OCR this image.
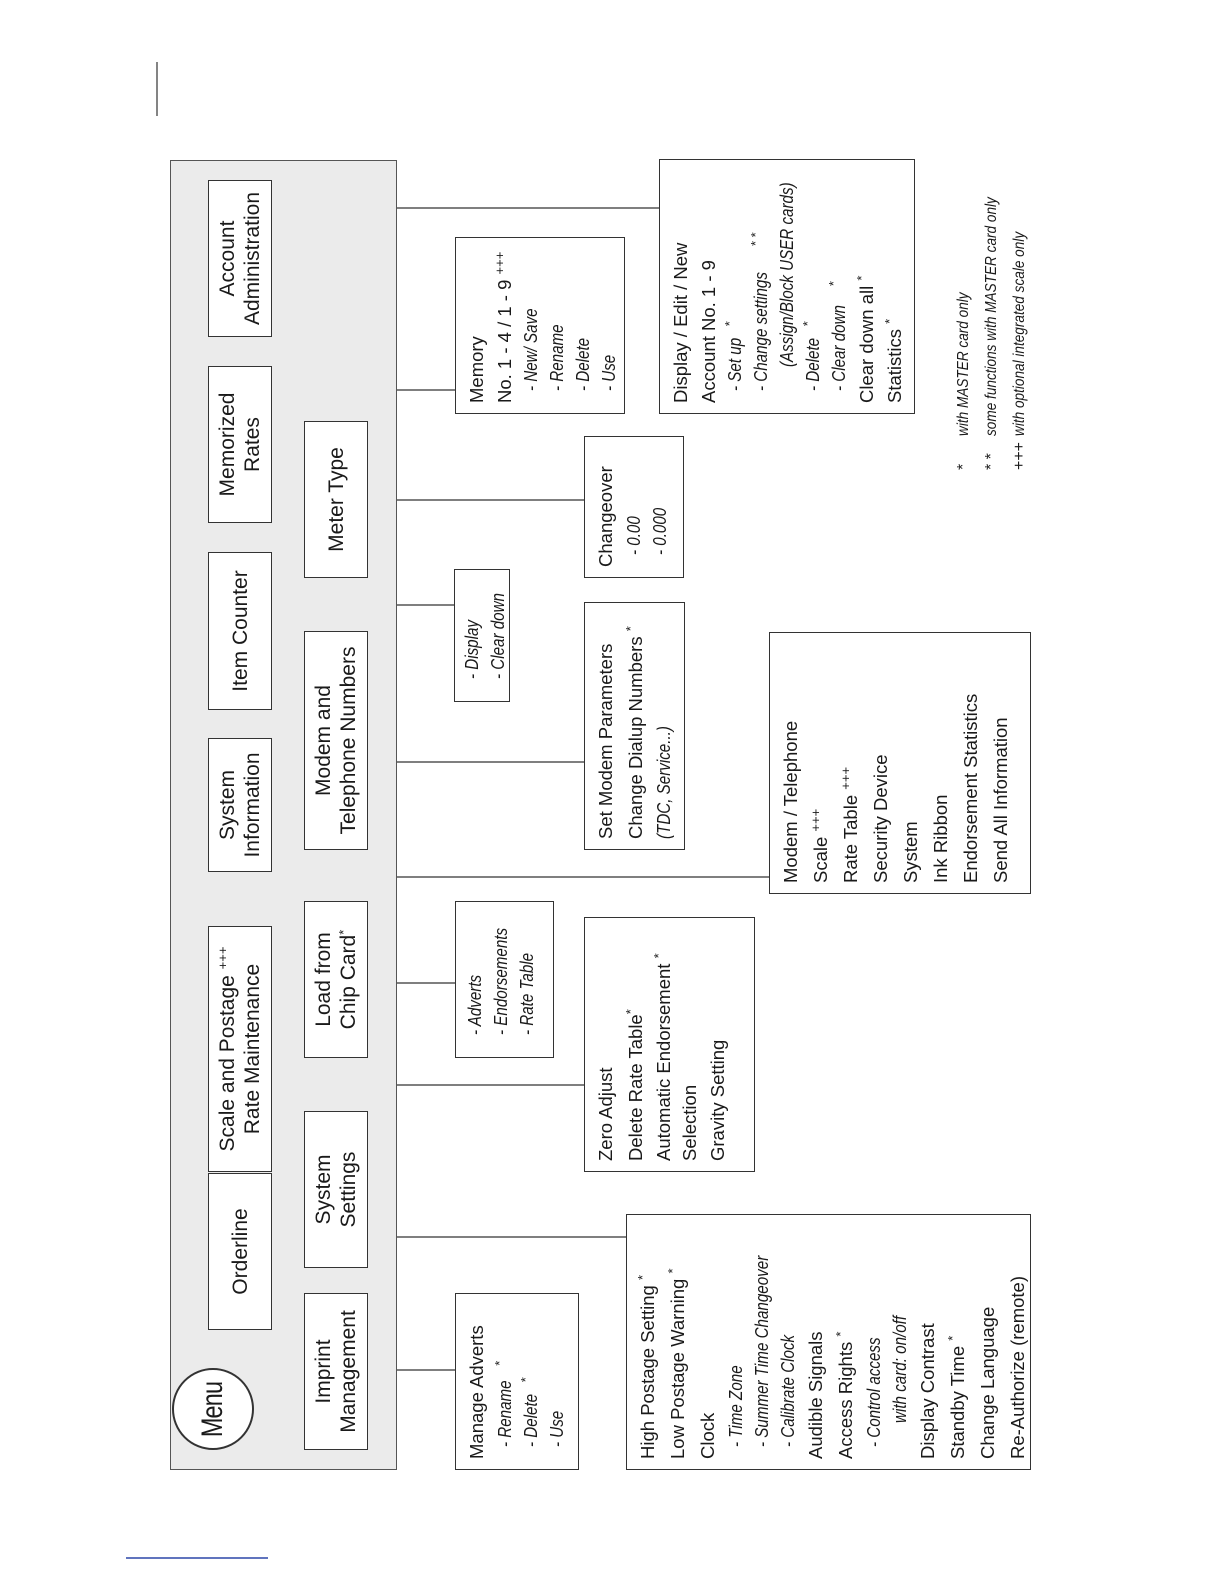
Menu
Orderline
Scale and Postage +++
Rate Maintenance
System
Information
Item Counter
Memorized
Rates
Account
Administration
Imprint
Management
System
Settings
Load from
Chip Card*
Modem and
Telephone Numbers
Meter Type
Manage Adverts - Rename*
- Delete*
- Use	High Postage Setting *
Low Postage Warning *
Clock - Time Zone - Summer Time Changeover - Calibrate Clock Audible Signals Access Rights *
- Control access with card: on/off Display Contrast Standby Time * Change Language Re-Authorize (remote)
Zero Adjust Delete Rate Table* Automatic Endorsement *
Selection Gravity Setting
- Adverts - Endorsements - Rate Table
Modem / Telephone Scale +++ Rate Table +++ Security Device System Ink Ribbon Endorsement Statistics Send All Information
Set Modem Parameters Change Dialup Numbers *
(TDC, Service...)
- Display - Clear down
Changeover - 0.00 - 0.000
Memory No. 1 - 4 / 1 - 9 +++
- New/ Save - Rename - Delete - Use	Display / Edit / New Account No. 1 - 9 - Set up* - Change settings* * (Assign/Block USER cards) - Delete* - Clear down*
Clear down all *
Statistics *
*
with MASTER card only
* *
some functions with MASTER card only
+++
with optional integrated scale only
